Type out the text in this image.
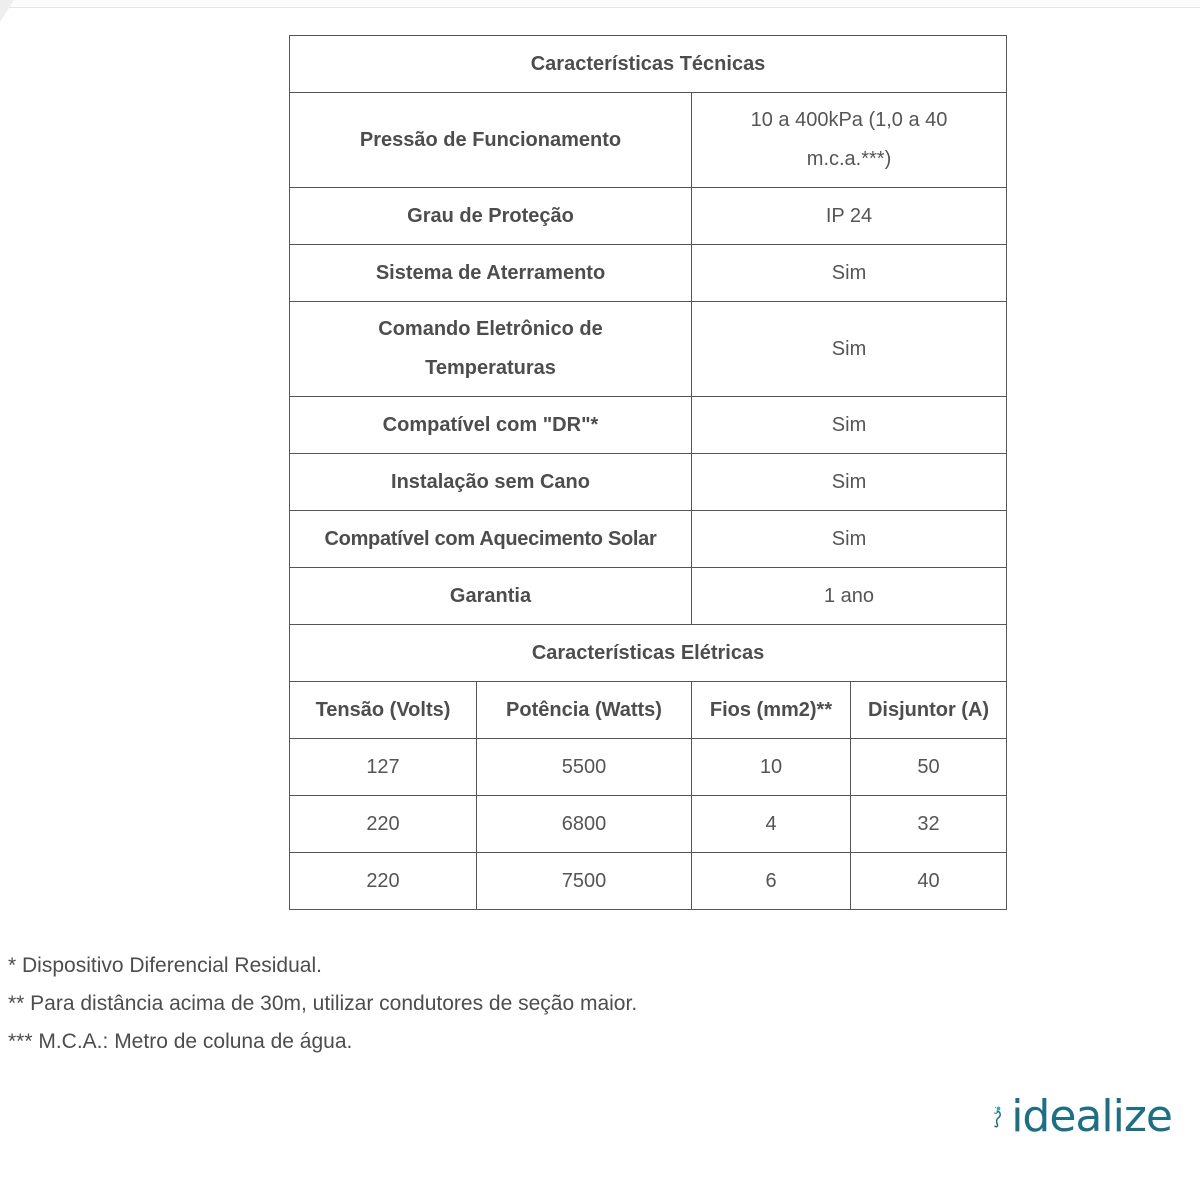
Características Técnicas			
Pressão de Funcionamento		10 a 400kPa (1,0 a 40 m.c.a.***)	
Grau de Proteção		IP 24	
Sistema de Aterramento		Sim	
Comando Eletrônico de Temperaturas		Sim	
Compatível com "DR"*		Sim	
Instalação sem Cano		Sim	
Compatível com Aquecimento Solar		Sim	
Garantia		1 ano	
Características Elétricas			
Tensão (Volts)	Potência (Watts)	Fios (mm2)**	Disjuntor (A)
127	5500	10	50
220	6800	4	32
220	7500	6	40
* Dispositivo Diferencial Residual.
** Para distância acima de 30m, utilizar condutores de seção maior.
*** M.C.A.: Metro de coluna de água.
idealize
